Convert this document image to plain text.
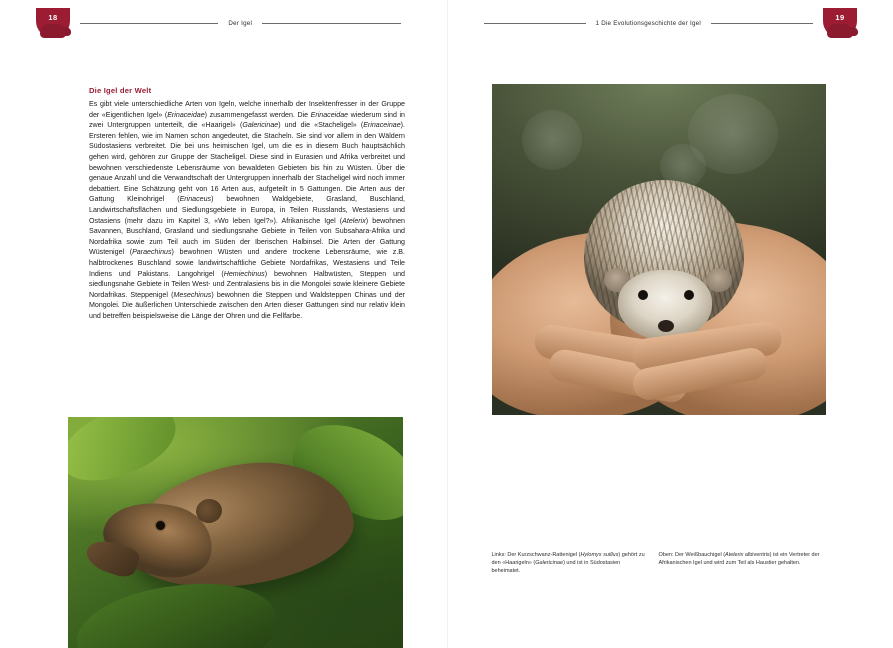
18
Der Igel
Die Igel der Welt
Es gibt viele unterschiedliche Arten von Igeln, welche innerhalb der Insektenfresser in der Gruppe der «Eigentlichen Igel» (Erinaceidae) zusammengefasst werden. Die Erinaceidae wiederum sind in zwei Untergruppen unterteilt, die «Haarigel» (Galericinae) und die «Stacheligel» (Erinaceinae). Ersteren fehlen, wie im Namen schon angedeutet, die Stacheln. Sie sind vor allem in den Wäldern Südostasiens verbreitet. Die bei uns heimischen Igel, um die es in diesem Buch hauptsächlich gehen wird, gehören zur Gruppe der Stacheligel. Diese sind in Eurasien und Afrika verbreitet und bewohnen verschiedenste Lebensräume von bewaldeten Gebieten bis hin zu Wüsten. Über die genaue Anzahl und die Verwandtschaft der Untergruppen innerhalb der Stacheligel wird noch immer debattiert. Eine Schätzung geht von 16 Arten aus, aufgeteilt in 5 Gattungen. Die Arten aus der Gattung Kleinohrigel (Erinaceus) bewohnen Waldgebiete, Grasland, Buschland, Landwirtschaftsflächen und Siedlungsgebiete in Europa, in Teilen Russlands, Westasiens und Ostasiens (mehr dazu im Kapitel 3, «Wo leben Igel?»). Afrikanische Igel (Atelerix) bewohnen Savannen, Buschland, Grasland und siedlungsnahe Gebiete in Teilen von Subsahara-Afrika und Nordafrika sowie zum Teil auch im Süden der Iberischen Halbinsel. Die Arten der Gattung Wüstenigel (Paraechinus) bewohnen Wüsten und andere trockene Lebensräume, wie z.B. halbtrockenes Buschland sowie landwirtschaftliche Gebiete Nordafrikas, Westasiens und Teile Indiens und Pakistans. Langohrigel (Hemiechinus) bewohnen Halbwüsten, Steppen und siedlungsnahe Gebiete in Teilen West- und Zentralasiens bis in die Mongolei sowie kleinere Gebiete Nordafrikas. Steppenigel (Mesechinus) bewohnen die Steppen und Waldsteppen Chinas und der Mongolei. Die äußerlichen Unterschiede zwischen den Arten dieser Gattungen sind nur relativ klein und betreffen beispielsweise die Länge der Ohren und die Fellfarbe.
1 Die Evolutionsgeschichte der Igel
19
Links: Der Kurzschwanz-Rattenigel (Hylomys suillus) gehört zu den «Haarigeln» (Galericinae) und ist in Südostasien beheimatet.
Oben: Der Weißbauchigel (Atelerix albiventris) ist ein Vertreter der Afrikanischen Igel und wird zum Teil als Haustier gehalten.
